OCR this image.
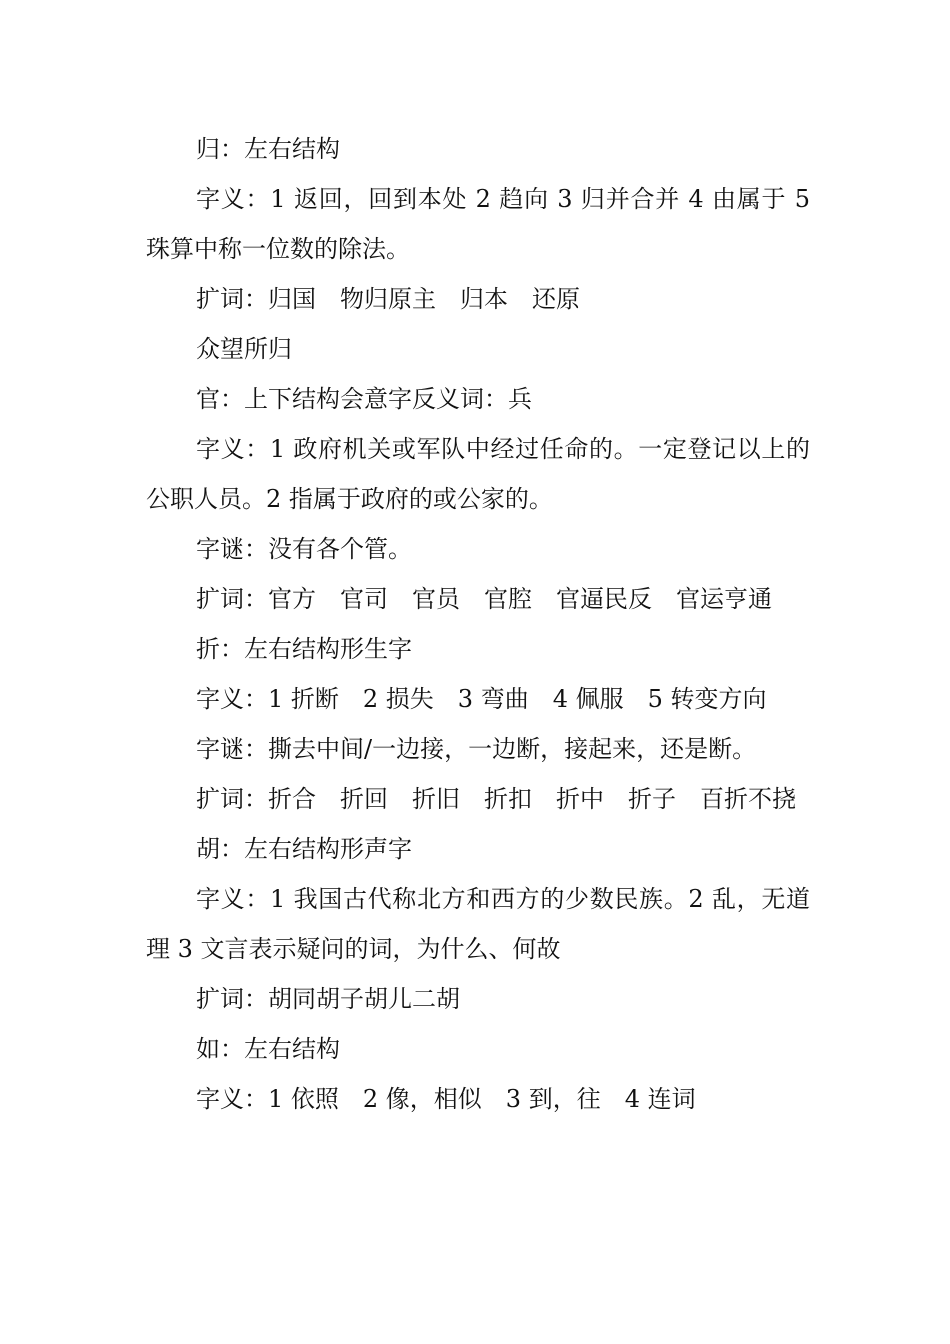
归：左右结构

字义：1 返回，回到本处 2 趋向 3 归并合并 4 由属于 5 珠算中称一位数的除法。

扩词：归国　物归原主　归本　还原

众望所归

官：上下结构会意字反义词：兵

字义：1 政府机关或军队中经过任命的。一定登记以上的公职人员。2 指属于政府的或公家的。

字谜：没有各个管。

扩词：官方　官司　官员　官腔　官逼民反　官运亨通

折：左右结构形生字

字义：1 折断　2 损失　3 弯曲　4 佩服　5 转变方向

字谜：撕去中间/一边接，一边断，接起来，还是断。

扩词：折合　折回　折旧　折扣　折中　折子　百折不挠

胡：左右结构形声字

字义：1 我国古代称北方和西方的少数民族。2 乱，无道理 3 文言表示疑问的词，为什么、何故

扩词：胡同胡子胡儿二胡

如：左右结构

字义：1 依照　2 像，相似　3 到，往　4 连词
